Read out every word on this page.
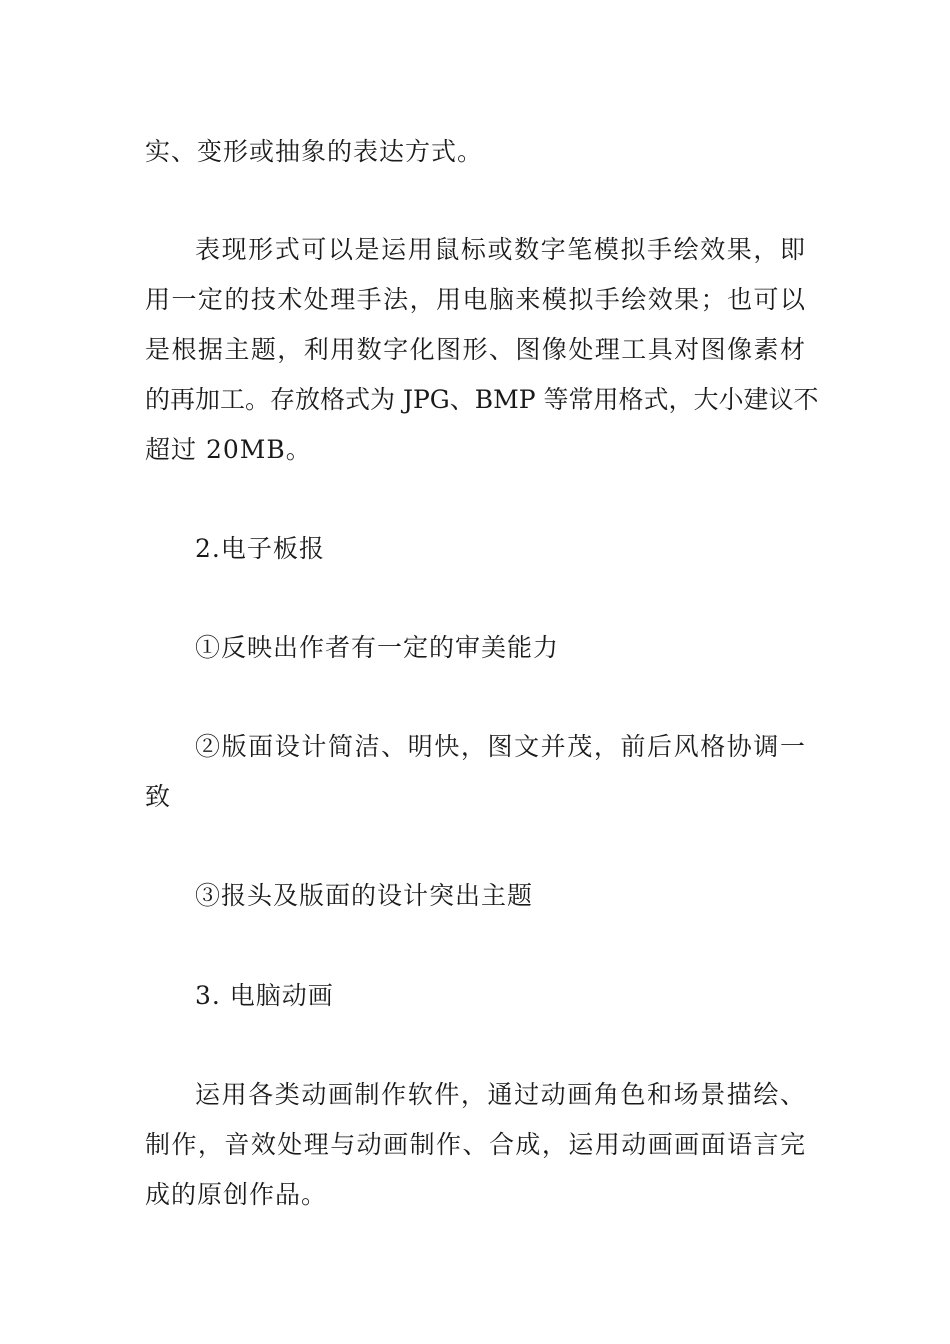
实、变形或抽象的表达方式。
表现形式可以是运用鼠标或数字笔模拟手绘效果，即
用一定的技术处理手法，用电脑来模拟手绘效果；也可以
是根据主题，利用数字化图形、图像处理工具对图像素材
的再加工。存放格式为 JPG、BMP 等常用格式，大小建议不
超过 20MB。
2.电子板报
①反映出作者有一定的审美能力
②版面设计简洁、明快，图文并茂，前后风格协调一
致
③报头及版面的设计突出主题
3. 电脑动画
运用各类动画制作软件，通过动画角色和场景描绘、
制作，音效处理与动画制作、合成，运用动画画面语言完
成的原创作品。
